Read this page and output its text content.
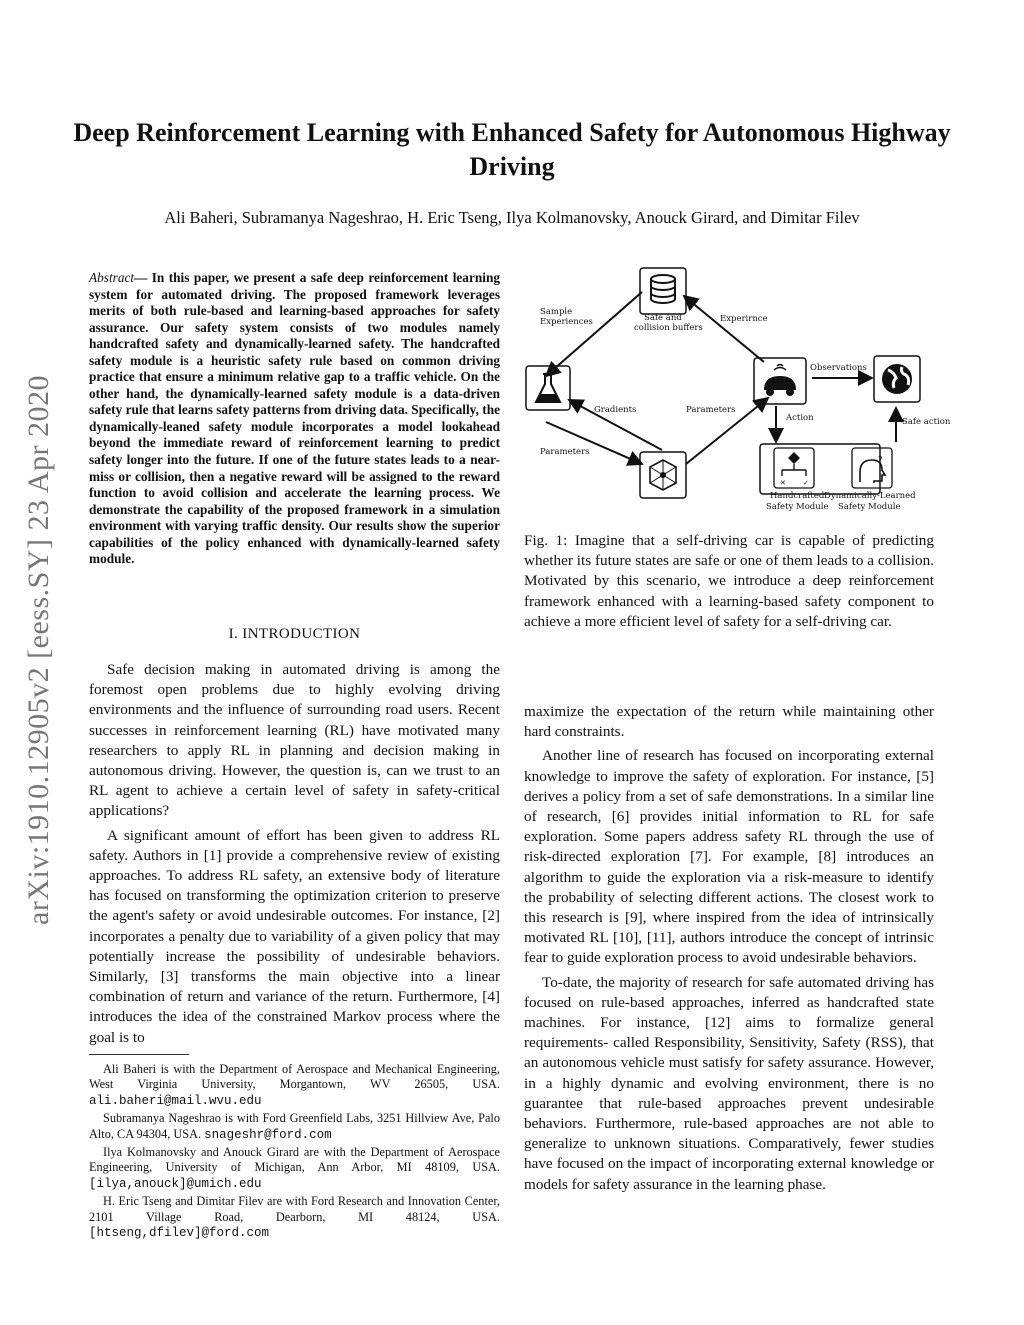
Deep Reinforcement Learning with Enhanced Safety for Autonomous Highway Driving
Ali Baheri, Subramanya Nageshrao, H. Eric Tseng, Ilya Kolmanovsky, Anouck Girard, and Dimitar Filev
arXiv:1910.12905v2 [eess.SY] 23 Apr 2020
Abstract— In this paper, we present a safe deep reinforcement learning system for automated driving. The proposed framework leverages merits of both rule-based and learning-based approaches for safety assurance. Our safety system consists of two modules namely handcrafted safety and dynamically-learned safety. The handcrafted safety module is a heuristic safety rule based on common driving practice that ensure a minimum relative gap to a traffic vehicle. On the other hand, the dynamically-learned safety module is a data-driven safety rule that learns safety patterns from driving data. Specifically, the dynamically-leaned safety module incorporates a model lookahead beyond the immediate reward of reinforcement learning to predict safety longer into the future. If one of the future states leads to a near-miss or collision, then a negative reward will be assigned to the reward function to avoid collision and accelerate the learning process. We demonstrate the capability of the proposed framework in a simulation environment with varying traffic density. Our results show the superior capabilities of the policy enhanced with dynamically-learned safety module.
I. INTRODUCTION

Safe decision making in automated driving is among the foremost open problems due to highly evolving driving environments and the influence of surrounding road users. Recent successes in reinforcement learning (RL) have motivated many researchers to apply RL in planning and decision making in autonomous driving. However, the question is, can we trust to an RL agent to achieve a certain level of safety in safety-critical applications?

A significant amount of effort has been given to address RL safety. Authors in [1] provide a comprehensive review of existing approaches. To address RL safety, an extensive body of literature has focused on transforming the optimization criterion to preserve the agent's safety or avoid undesirable outcomes. For instance, [2] incorporates a penalty due to variability of a given policy that may potentially increase the possibility of undesirable behaviors. Similarly, [3] transforms the main objective into a linear combination of return and variance of the return. Furthermore, [4] introduces the idea of the constrained Markov process where the goal is to

Ali Baheri is with the Department of Aerospace and Mechanical Engineering, West Virginia University, Morgantown, WV 26505, USA. ali.baheri@mail.wvu.edu

Subramanya Nageshrao is with Ford Greenfield Labs, 3251 Hillview Ave, Palo Alto, CA 94304, USA. snageshr@ford.com

Ilya Kolmanovsky and Anouck Girard are with the Department of Aerospace Engineering, University of Michigan, Ann Arbor, MI 48109, USA. [ilya,anouck]@umich.edu

H. Eric Tseng and Dimitar Filev are with Ford Research and Innovation Center, 2101 Village Road, Dearborn, MI 48124, USA. [htseng,dfilev]@ford.com

✕ ✓
?
Sample
Experiences	Safe and
collision buffers
Experirnce
Observations
Gradients	Parameters
Action	Safe action
Parameters
Handcrafted
Safety Module
Dynamically-Learned
Safety Module
Fig. 1: Imagine that a self-driving car is capable of predicting whether its future states are safe or one of them leads to a collision. Motivated by this scenario, we introduce a deep reinforcement framework enhanced with a learning-based safety component to achieve a more efficient level of safety for a self-driving car.

maximize the expectation of the return while maintaining other hard constraints.

Another line of research has focused on incorporating external knowledge to improve the safety of exploration. For instance, [5] derives a policy from a set of safe demonstrations. In a similar line of research, [6] provides initial information to RL for safe exploration. Some papers address safety RL through the use of risk-directed exploration [7]. For example, [8] introduces an algorithm to guide the exploration via a risk-measure to identify the probability of selecting different actions. The closest work to this research is [9], where inspired from the idea of intrinsically motivated RL [10], [11], authors introduce the concept of intrinsic fear to guide exploration process to avoid undesirable behaviors.

To-date, the majority of research for safe automated driving has focused on rule-based approaches, inferred as handcrafted state machines. For instance, [12] aims to formalize general requirements- called Responsibility, Sensitivity, Safety (RSS), that an autonomous vehicle must satisfy for safety assurance. However, in a highly dynamic and evolving environment, there is no guarantee that rule-based approaches prevent undesirable behaviors. Furthermore, rule-based approaches are not able to generalize to unknown situations. Comparatively, fewer studies have focused on the impact of incorporating external knowledge or models for safety assurance in the learning phase.
